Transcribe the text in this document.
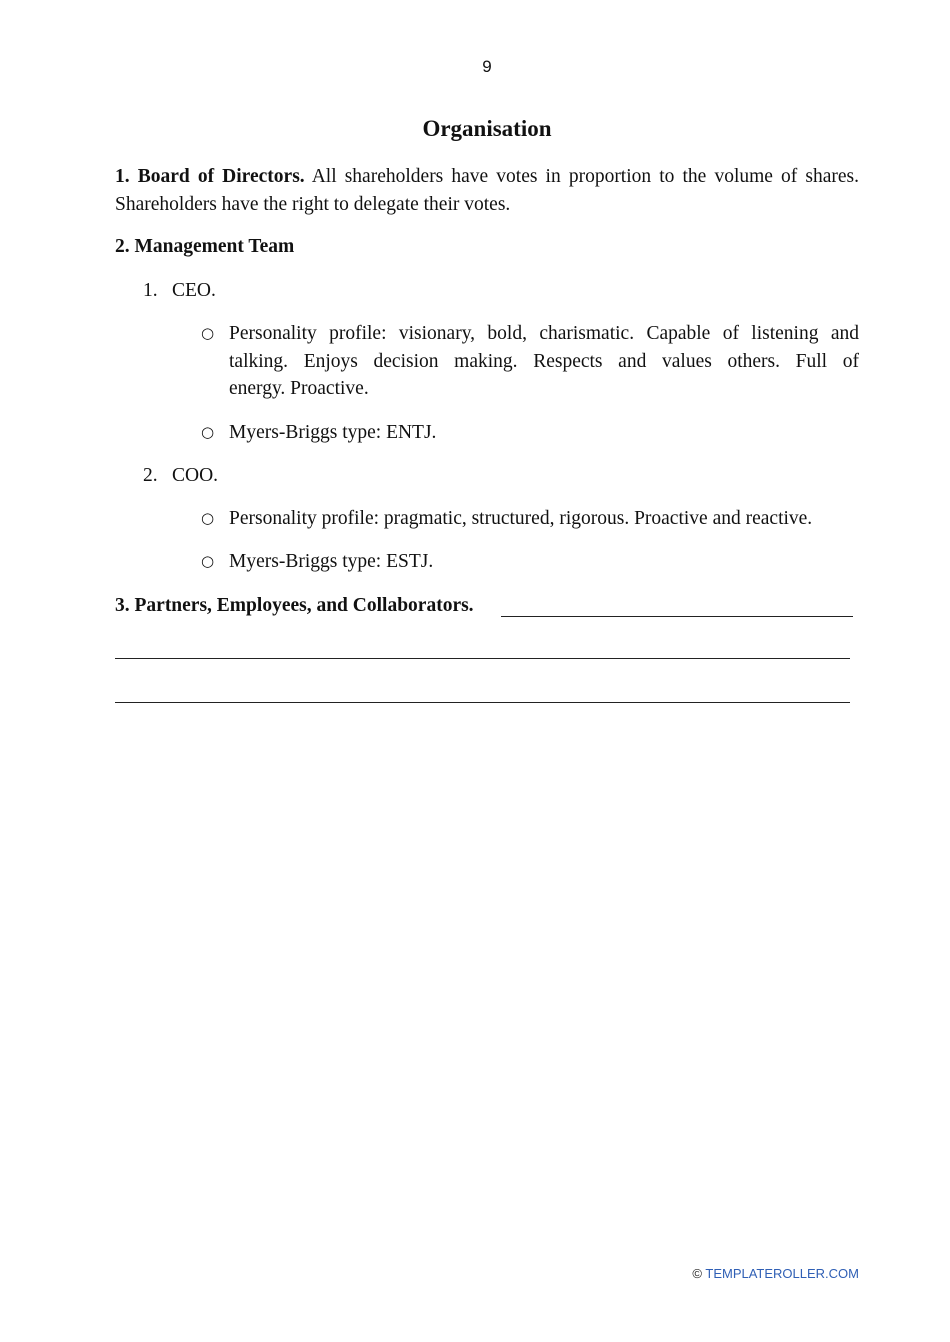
9
Organisation

1. Board of Directors. All shareholders have votes in proportion to the volume of shares.
Shareholders have the right to delegate their votes.

2. Management Team

1. CEO.
○ Personality profile: visionary, bold, charismatic. Capable of listening and
talking. Enjoys decision making. Respects and values others. Full of
energy. Proactive.
○ Myers-Briggs type: ENTJ.
2. COO.
○ Personality profile: pragmatic, structured, rigorous. Proactive and reactive.
○ Myers-Briggs type: ESTJ.

3. Partners, Employees, and Collaborators.

© TEMPLATEROLLER.COM
